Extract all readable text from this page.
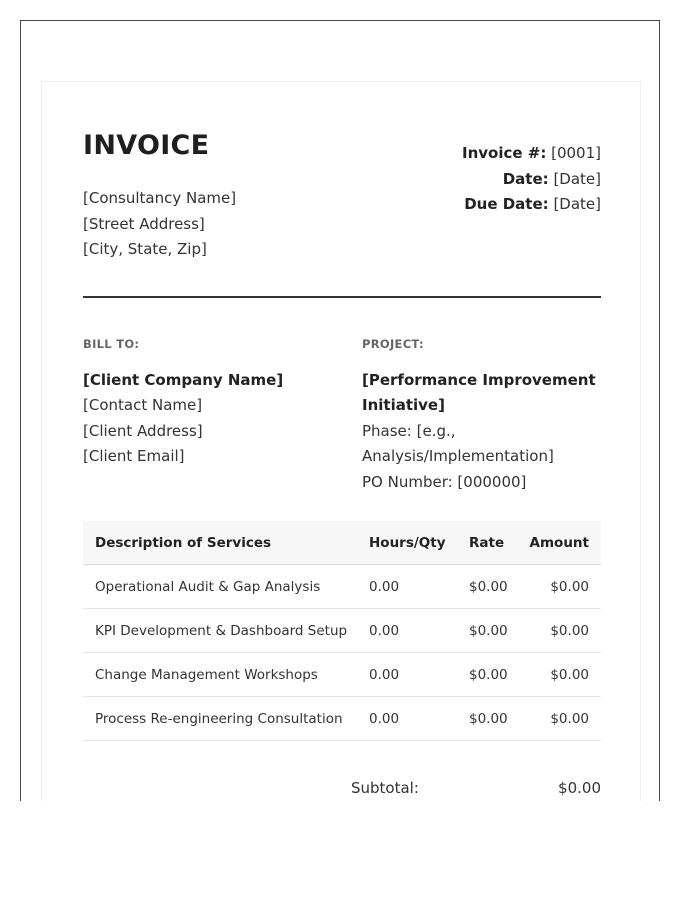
INVOICE
[Consultancy Name]
[Street Address]
[City, State, Zip]
Invoice #: [0001]
Date: [Date]
Due Date: [Date]
BILL TO:
[Client Company Name]
[Contact Name]
[Client Address]
[Client Email]
PROJECT:
[Performance Improvement Initiative]
Phase: [e.g., Analysis/Implementation]
PO Number: [000000]
Description of Services	Hours/Qty	Rate	Amount
Operational Audit & Gap Analysis	0.00	$0.00	$0.00
KPI Development & Dashboard Setup	0.00	$0.00	$0.00
Change Management Workshops	0.00	$0.00	$0.00
Process Re-engineering Consultation	0.00	$0.00	$0.00
Subtotal:	$0.00
